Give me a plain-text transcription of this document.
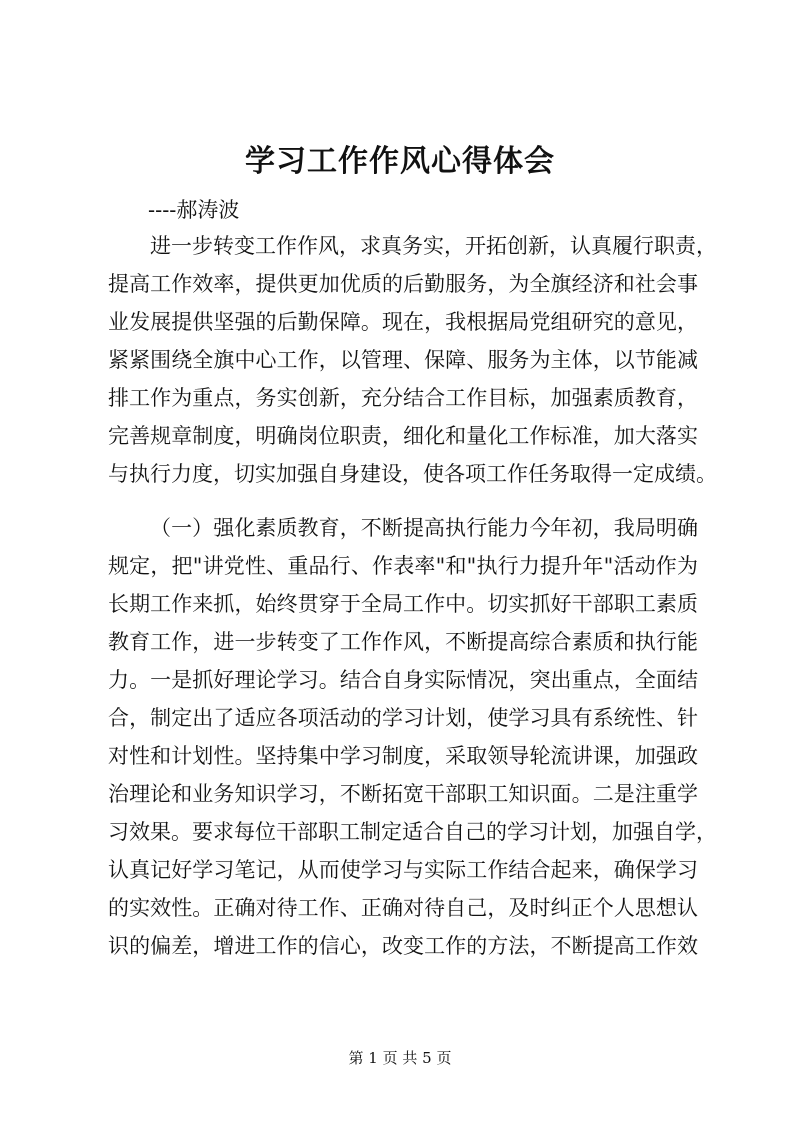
学习工作作风心得体会
----郝涛波
进一步转变工作作风，求真务实，开拓创新，认真履行职责，
提高工作效率，提供更加优质的后勤服务，为全旗经济和社会事
业发展提供坚强的后勤保障。现在，我根据局党组研究的意见，
紧紧围绕全旗中心工作，以管理、保障、服务为主体，以节能减
排工作为重点，务实创新，充分结合工作目标，加强素质教育，
完善规章制度，明确岗位职责，细化和量化工作标准，加大落实
与执行力度，切实加强自身建设，使各项工作任务取得一定成绩。
（一）强化素质教育，不断提高执行能力今年初，我局明确
规定，把"讲党性、重品行、作表率"和"执行力提升年"活动作为
长期工作来抓，始终贯穿于全局工作中。切实抓好干部职工素质
教育工作，进一步转变了工作作风，不断提高综合素质和执行能
力。一是抓好理论学习。结合自身实际情况，突出重点，全面结
合，制定出了适应各项活动的学习计划，使学习具有系统性、针
对性和计划性。坚持集中学习制度，采取领导轮流讲课，加强政
治理论和业务知识学习，不断拓宽干部职工知识面。二是注重学
习效果。要求每位干部职工制定适合自己的学习计划，加强自学，
认真记好学习笔记，从而使学习与实际工作结合起来，确保学习
的实效性。正确对待工作、正确对待自己，及时纠正个人思想认
识的偏差，增进工作的信心，改变工作的方法，不断提高工作效
第 1 页 共 5 页
